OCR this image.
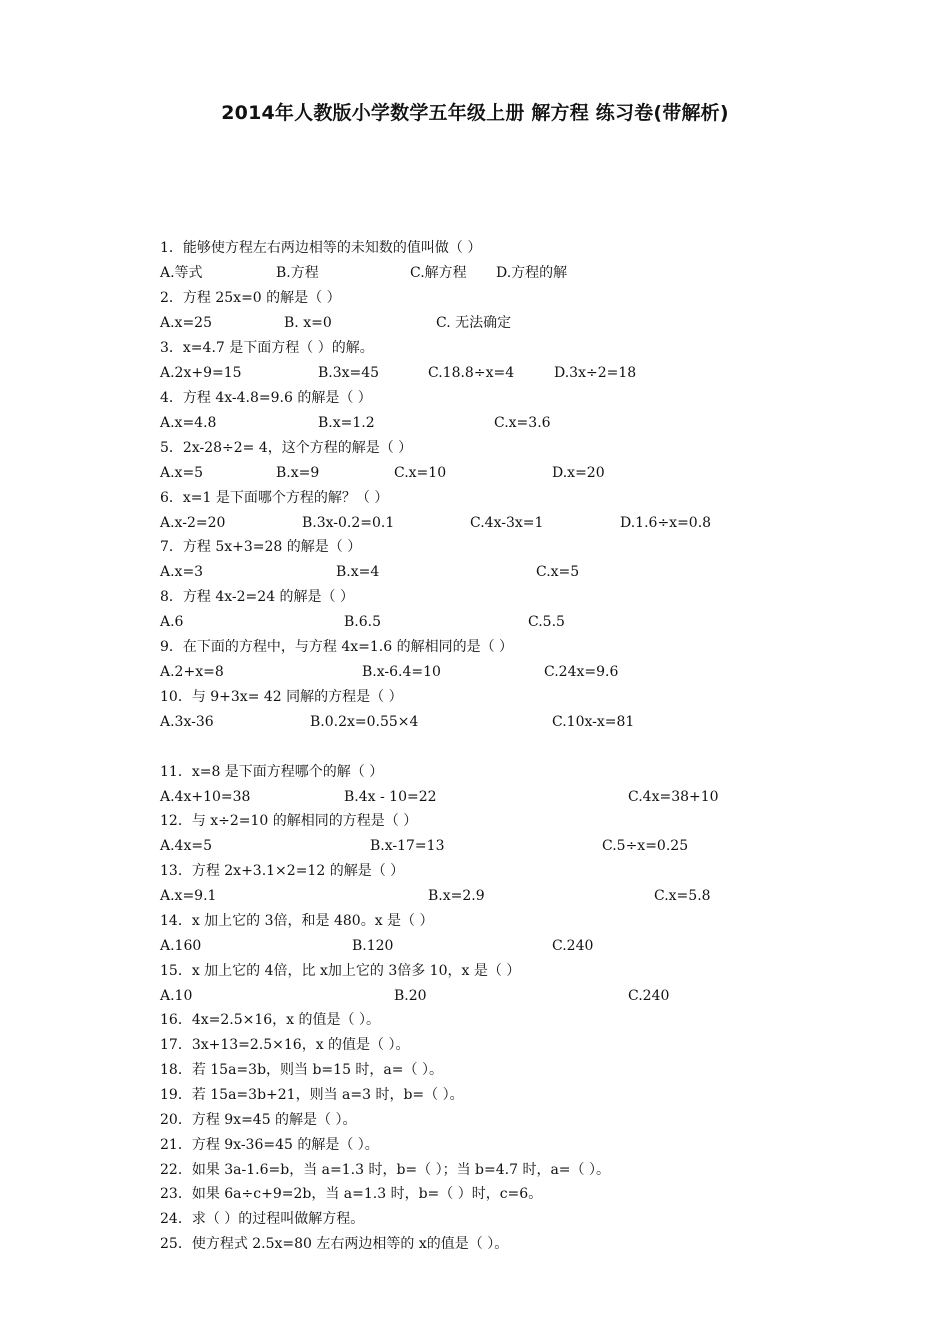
2014年人教版小学数学五年级上册 解方程 练习卷(带解析)
1．能够使方程左右两边相等的未知数的值叫做（ ）
A.等式	B.方程	C.解方程 D.方程的解
2．方程 25x=0 的解是（ ）
A.x=25	B. x=0	C. 无法确定
3．x=4.7 是下面方程（ ）的解。
A.2x+9=15	B.3x=45	C.18.8÷x=4	D.3x÷2=18
4．方程 4x-4.8=9.6 的解是（ ）
A.x=4.8	B.x=1.2	C.x=3.6
5．2x-28÷2= 4，这个方程的解是（ ）
A.x=5	B.x=9	C.x=10	D.x=20
6．x=1 是下面哪个方程的解？（ ）
A.x-2=20	B.3x-0.2=0.1	C.4x-3x=1	D.1.6÷x=0.8
7．方程 5x+3=28 的解是（ ）
A.x=3	B.x=4	C.x=5
8．方程 4x-2=24 的解是（ ）
A.6	B.6.5	C.5.5
9．在下面的方程中，与方程 4x=1.6 的解相同的是（ ）
A.2+x=8	B.x-6.4=10	C.24x=9.6
10．与 9+3x= 42 同解的方程是（ ）
A.3x-36	B.0.2x=0.55×4	C.10x-x=81
11．x=8 是下面方程哪个的解（ ）
A.4x+10=38	B.4x - 10=22	C.4x=38+10
12．与 x÷2=10 的解相同的方程是（ ）
A.4x=5	B.x-17=13	C.5÷x=0.25
13．方程 2x+3.1×2=12 的解是（ ）
A.x=9.1	B.x=2.9	C.x=5.8
14．x 加上它的 3倍，和是 480。x 是（ ）
A.160	B.120	C.240
15．x 加上它的 4倍，比 x加上它的 3倍多 10，x 是（ ）
A.10	B.20	C.240
16．4x=2.5×16，x 的值是（ ）。
17．3x+13=2.5×16，x 的值是（ ）。
18．若 15a=3b，则当 b=15 时，a=（ ）。
19．若 15a=3b+21，则当 a=3 时，b=（ ）。
20．方程 9x=45 的解是（ ）。
21．方程 9x-36=45 的解是（ ）。
22．如果 3a-1.6=b，当 a=1.3 时，b=（ ）；当 b=4.7 时，a=（ ）。
23．如果 6a÷c+9=2b，当 a=1.3 时，b=（ ）时，c=6。
24．求（ ）的过程叫做解方程。
25．使方程式 2.5x=80 左右两边相等的 x的值是（ ）。
